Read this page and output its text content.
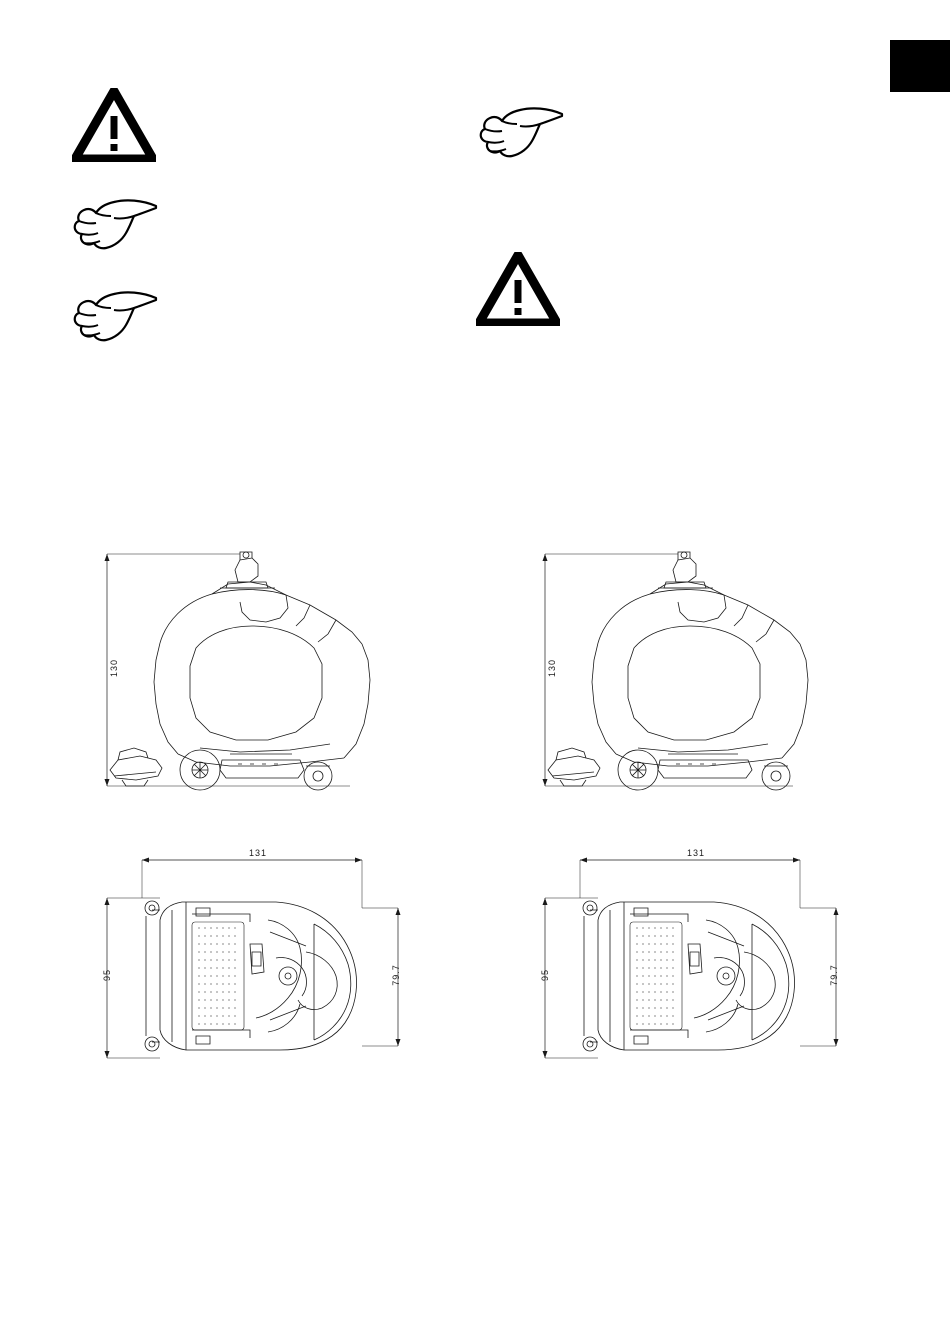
130	130
131
95	79.7
131
95	79.7
